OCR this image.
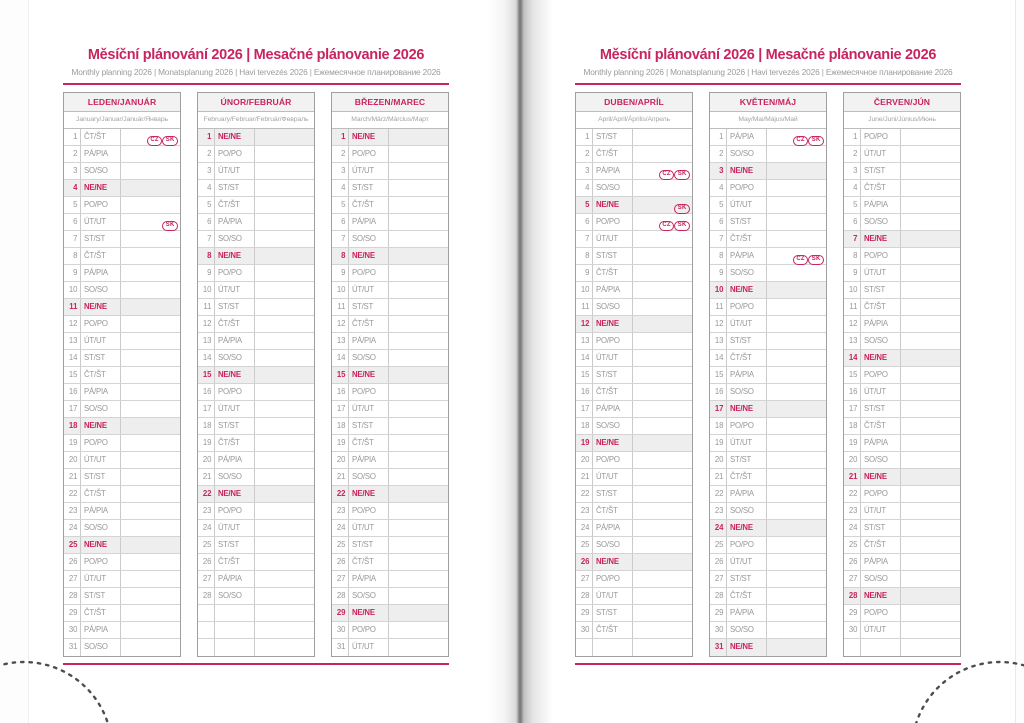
Měsíční plánování 2026 | Mesačné plánovanie 2026
Monthly planning 2026 | Monatsplanung 2026 | Havi tervezés 2026 | Ежемесячное планирование 2026
LEDEN/JANUÁR
January/Januar/Január/Январь
1 ČT/ŠT	CZ SK
2 PÁ/PIA
3 SO/SO
4 NE/NE
5 PO/PO
6 ÚT/UT	SK
7 ST/ST
8 ČT/ŠT
9 PÁ/PIA
10 SO/SO
11 NE/NE
12 PO/PO
13 ÚT/UT
14 ST/ST
15 ČT/ŠT
16 PÁ/PIA
17 SO/SO
18 NE/NE
19 PO/PO
20 ÚT/UT
21 ST/ST
22 ČT/ŠT
23 PÁ/PIA
24 SO/SO
25 NE/NE
26 PO/PO
27 ÚT/UT
28 ST/ST
29 ČT/ŠT
30 PÁ/PIA
31 SO/SO
ÚNOR/FEBRUÁR
February/Februar/Február/Февраль
1 NE/NE
2 PO/PO
3 ÚT/UT
4 ST/ST
5 ČT/ŠT
6 PÁ/PIA
7 SO/SO
8 NE/NE
9 PO/PO
10 ÚT/UT
11 ST/ST
12 ČT/ŠT
13 PÁ/PIA
14 SO/SO
15 NE/NE
16 PO/PO
17 ÚT/UT
18 ST/ST
19 ČT/ŠT
20 PÁ/PIA
21 SO/SO
22 NE/NE
23 PO/PO
24 ÚT/UT
25 ST/ST
26 ČT/ŠT
27 PÁ/PIA
28 SO/SO
BŘEZEN/MAREC
March/März/Március/Март
1 NE/NE
2 PO/PO
3 ÚT/UT
4 ST/ST
5 ČT/ŠT
6 PÁ/PIA
7 SO/SO
8 NE/NE
9 PO/PO
10 ÚT/UT
11 ST/ST
12 ČT/ŠT
13 PÁ/PIA
14 SO/SO
15 NE/NE
16 PO/PO
17 ÚT/UT
18 ST/ST
19 ČT/ŠT
20 PÁ/PIA
21 SO/SO
22 NE/NE
23 PO/PO
24 ÚT/UT
25 ST/ST
26 ČT/ŠT
27 PÁ/PIA
28 SO/SO
29 NE/NE
30 PO/PO
31 ÚT/UT
Měsíční plánování 2026 | Mesačné plánovanie 2026
Monthly planning 2026 | Monatsplanung 2026 | Havi tervezés 2026 | Ежемесячное планирование 2026
DUBEN/APRÍL
April/April/Április/Апрель
1 ST/ST
2 ČT/ŠT
3 PÁ/PIA	CZ SK
4 SO/SO
5 NE/NE	SK
6 PO/PO	CZ SK
7 ÚT/UT
8 ST/ST
9 ČT/ŠT
10 PÁ/PIA
11 SO/SO
12 NE/NE
13 PO/PO
14 ÚT/UT
15 ST/ST
16 ČT/ŠT
17 PÁ/PIA
18 SO/SO
19 NE/NE
20 PO/PO
21 ÚT/UT
22 ST/ST
23 ČT/ŠT
24 PÁ/PIA
25 SO/SO
26 NE/NE
27 PO/PO
28 ÚT/UT
29 ST/ST
30 ČT/ŠT
KVĚTEN/MÁJ
May/Mai/Május/Май
1 PÁ/PIA	CZ SK
2 SO/SO
3 NE/NE
4 PO/PO
5 ÚT/UT
6 ST/ST
7 ČT/ŠT
8 PÁ/PIA	CZ SK
9 SO/SO
10 NE/NE
11 PO/PO
12 ÚT/UT
13 ST/ST
14 ČT/ŠT
15 PÁ/PIA
16 SO/SO
17 NE/NE
18 PO/PO
19 ÚT/UT
20 ST/ST
21 ČT/ŠT
22 PÁ/PIA
23 SO/SO
24 NE/NE
25 PO/PO
26 ÚT/UT
27 ST/ST
28 ČT/ŠT
29 PÁ/PIA
30 SO/SO
31 NE/NE
ČERVEN/JÚN
June/Juni/Június/Июнь
1 PO/PO
2 ÚT/UT
3 ST/ST
4 ČT/ŠT
5 PÁ/PIA
6 SO/SO
7 NE/NE
8 PO/PO
9 ÚT/UT
10 ST/ST
11 ČT/ŠT
12 PÁ/PIA
13 SO/SO
14 NE/NE
15 PO/PO
16 ÚT/UT
17 ST/ST
18 ČT/ŠT
19 PÁ/PIA
20 SO/SO
21 NE/NE
22 PO/PO
23 ÚT/UT
24 ST/ST
25 ČT/ŠT
26 PÁ/PIA
27 SO/SO
28 NE/NE
29 PO/PO
30 ÚT/UT
